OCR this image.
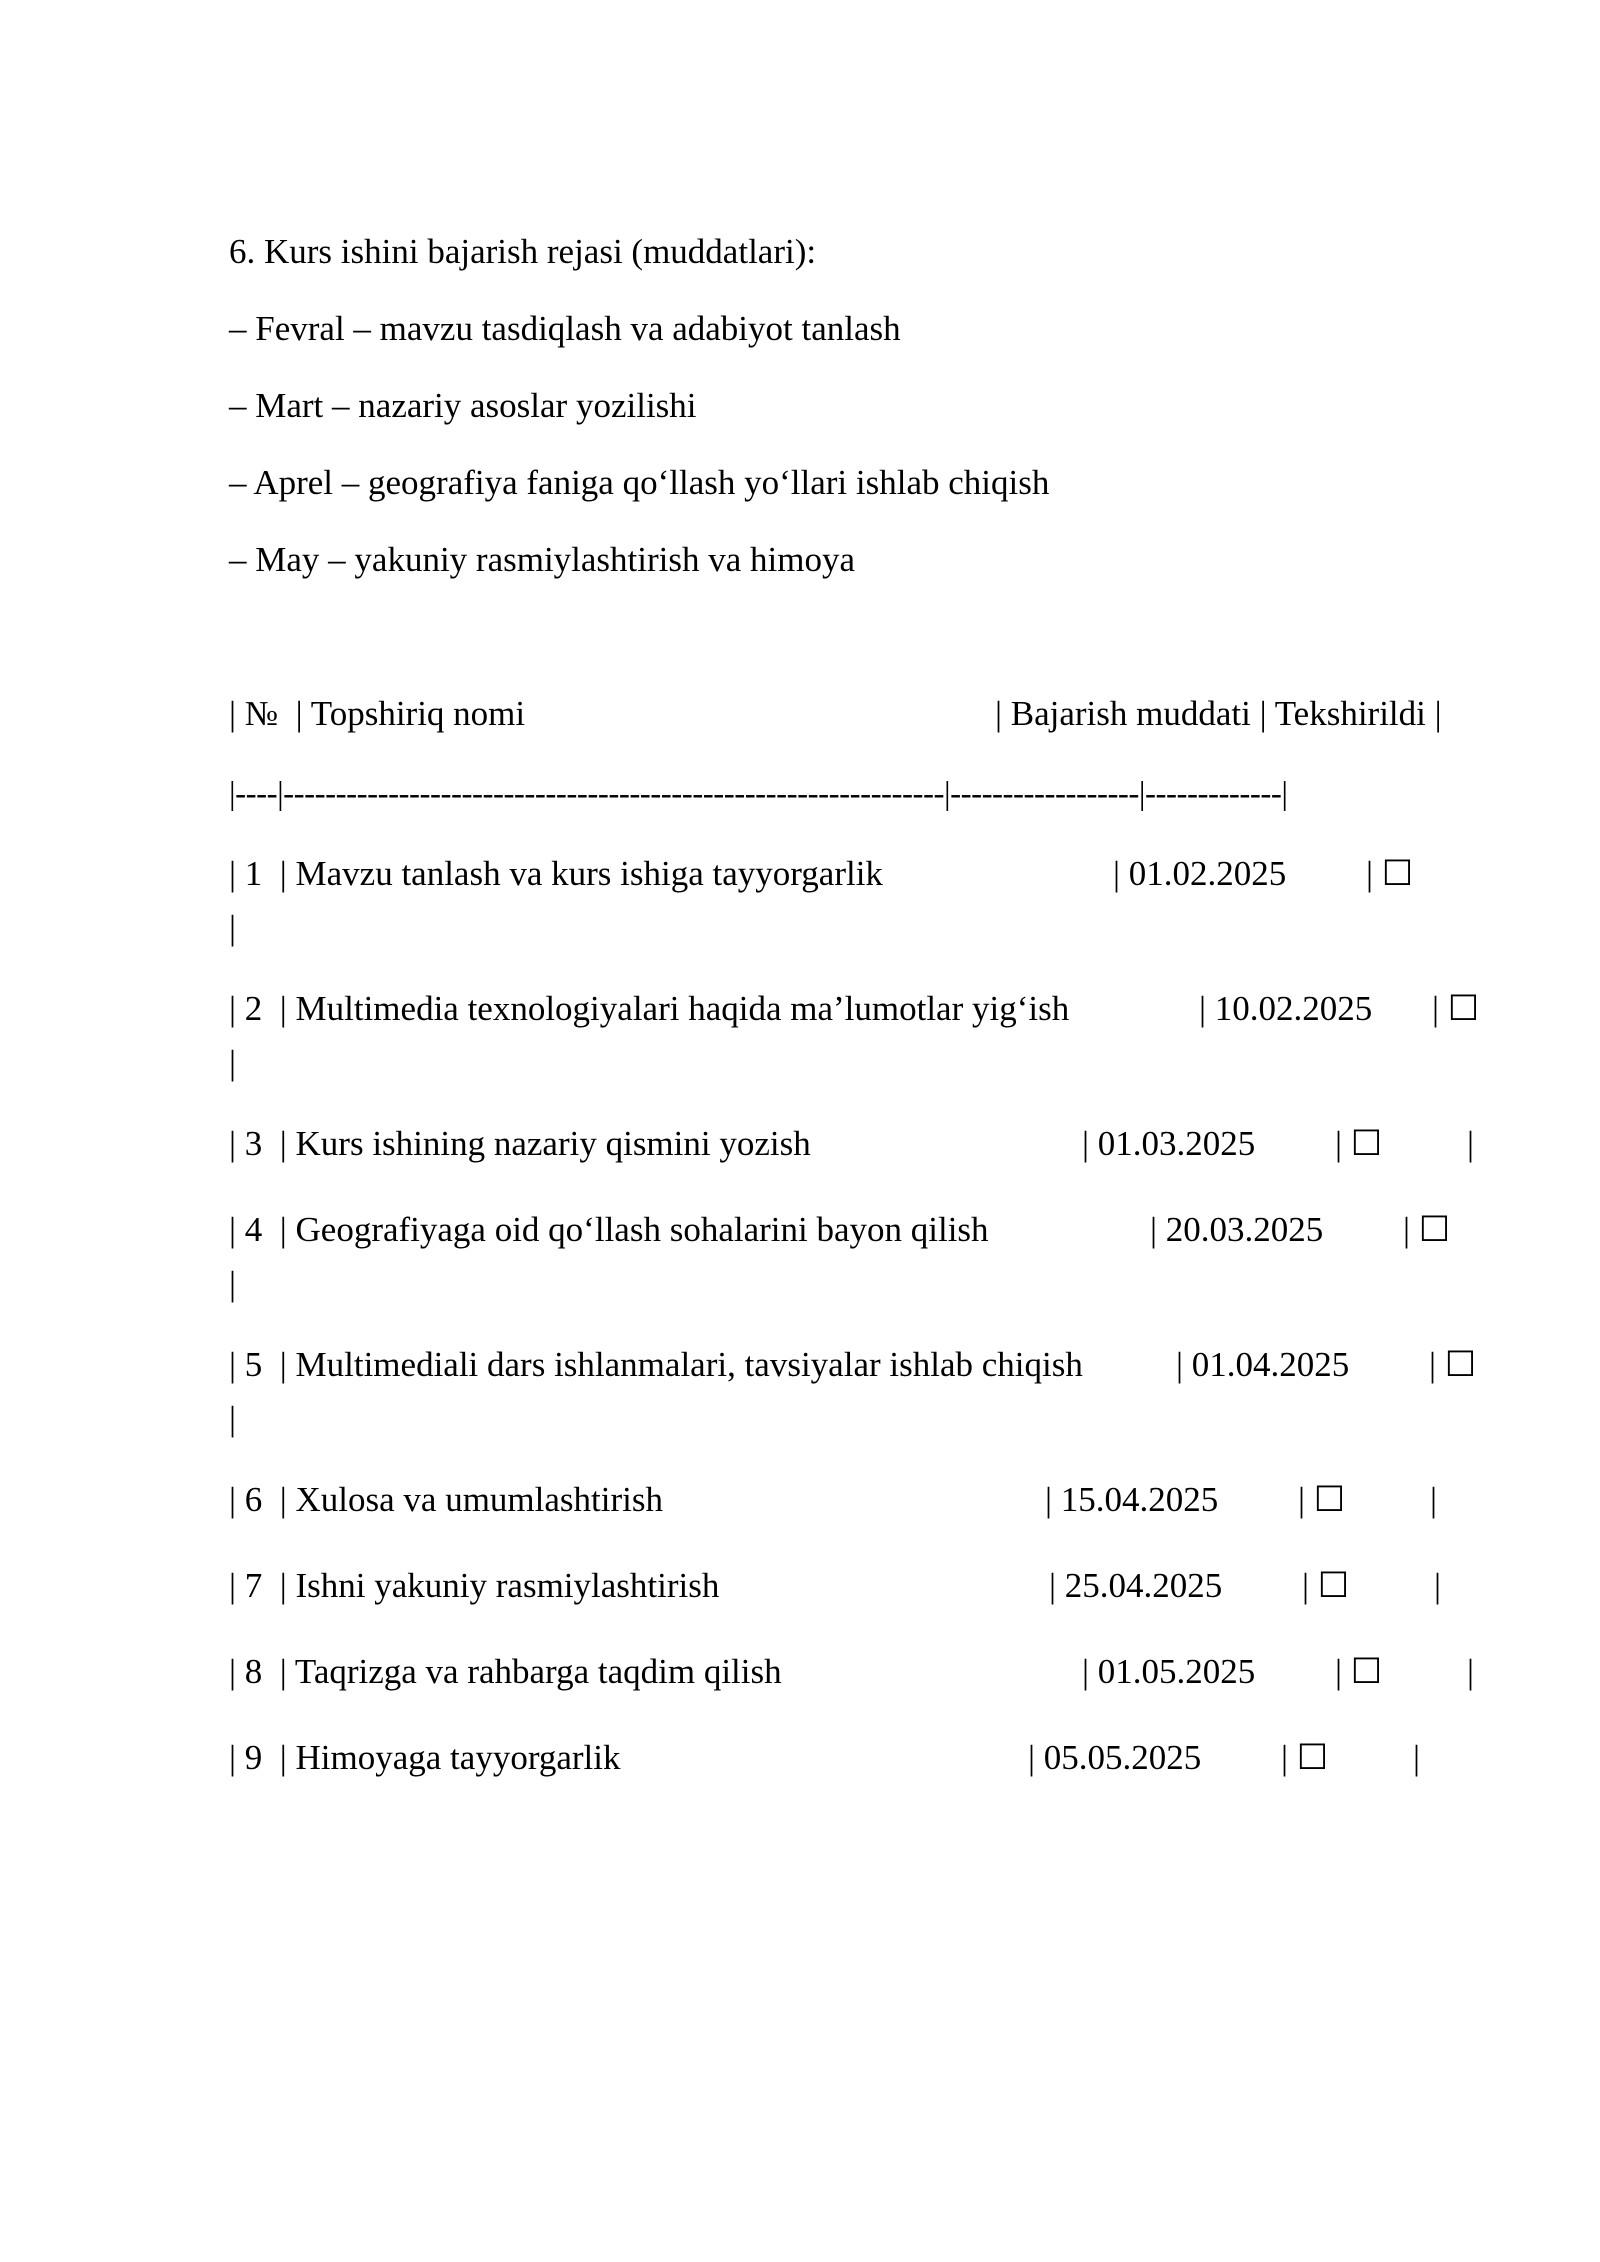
6. Kurs ishini bajarish rejasi (muddatlari):

– Fevral – mavzu tasdiqlash va adabiyot tanlash

– Mart – nazariy asoslar yozilishi

– Aprel – geografiya faniga qo‘llash yo‘llari ishlab chiqish

– May – yakuniy rasmiylashtirish va himoya

| №  | Topshiriq nomi	| Bajarish muddati | Tekshirildi |

|----|---------------------------------------------------------------|------------------|-------------|

| 1  | Mavzu tanlash va kurs ishiga tayyorgarlik	| 01.02.2025 | ☐
|
| 2  | Multimedia texnologiyalari haqida ma’lumotlar yig‘ish	| 10.02.2025 | ☐
|
| 3  | Kurs ishining nazariy qismini yozish	| 01.03.2025 | ☐ |
| 4  | Geografiyaga oid qo‘llash sohalarini bayon qilish	| 20.03.2025 | ☐
|
| 5  | Multimediali dars ishlanmalari, tavsiyalar ishlab chiqish	| 01.04.2025 | ☐
|
| 6  | Xulosa va umumlashtirish	| 15.04.2025 | ☐ |
| 7  | Ishni yakuniy rasmiylashtirish	| 25.04.2025 | ☐ |
| 8  | Taqrizga va rahbarga taqdim qilish	| 01.05.2025 | ☐ |
| 9  | Himoyaga tayyorgarlik	| 05.05.2025 | ☐ |
